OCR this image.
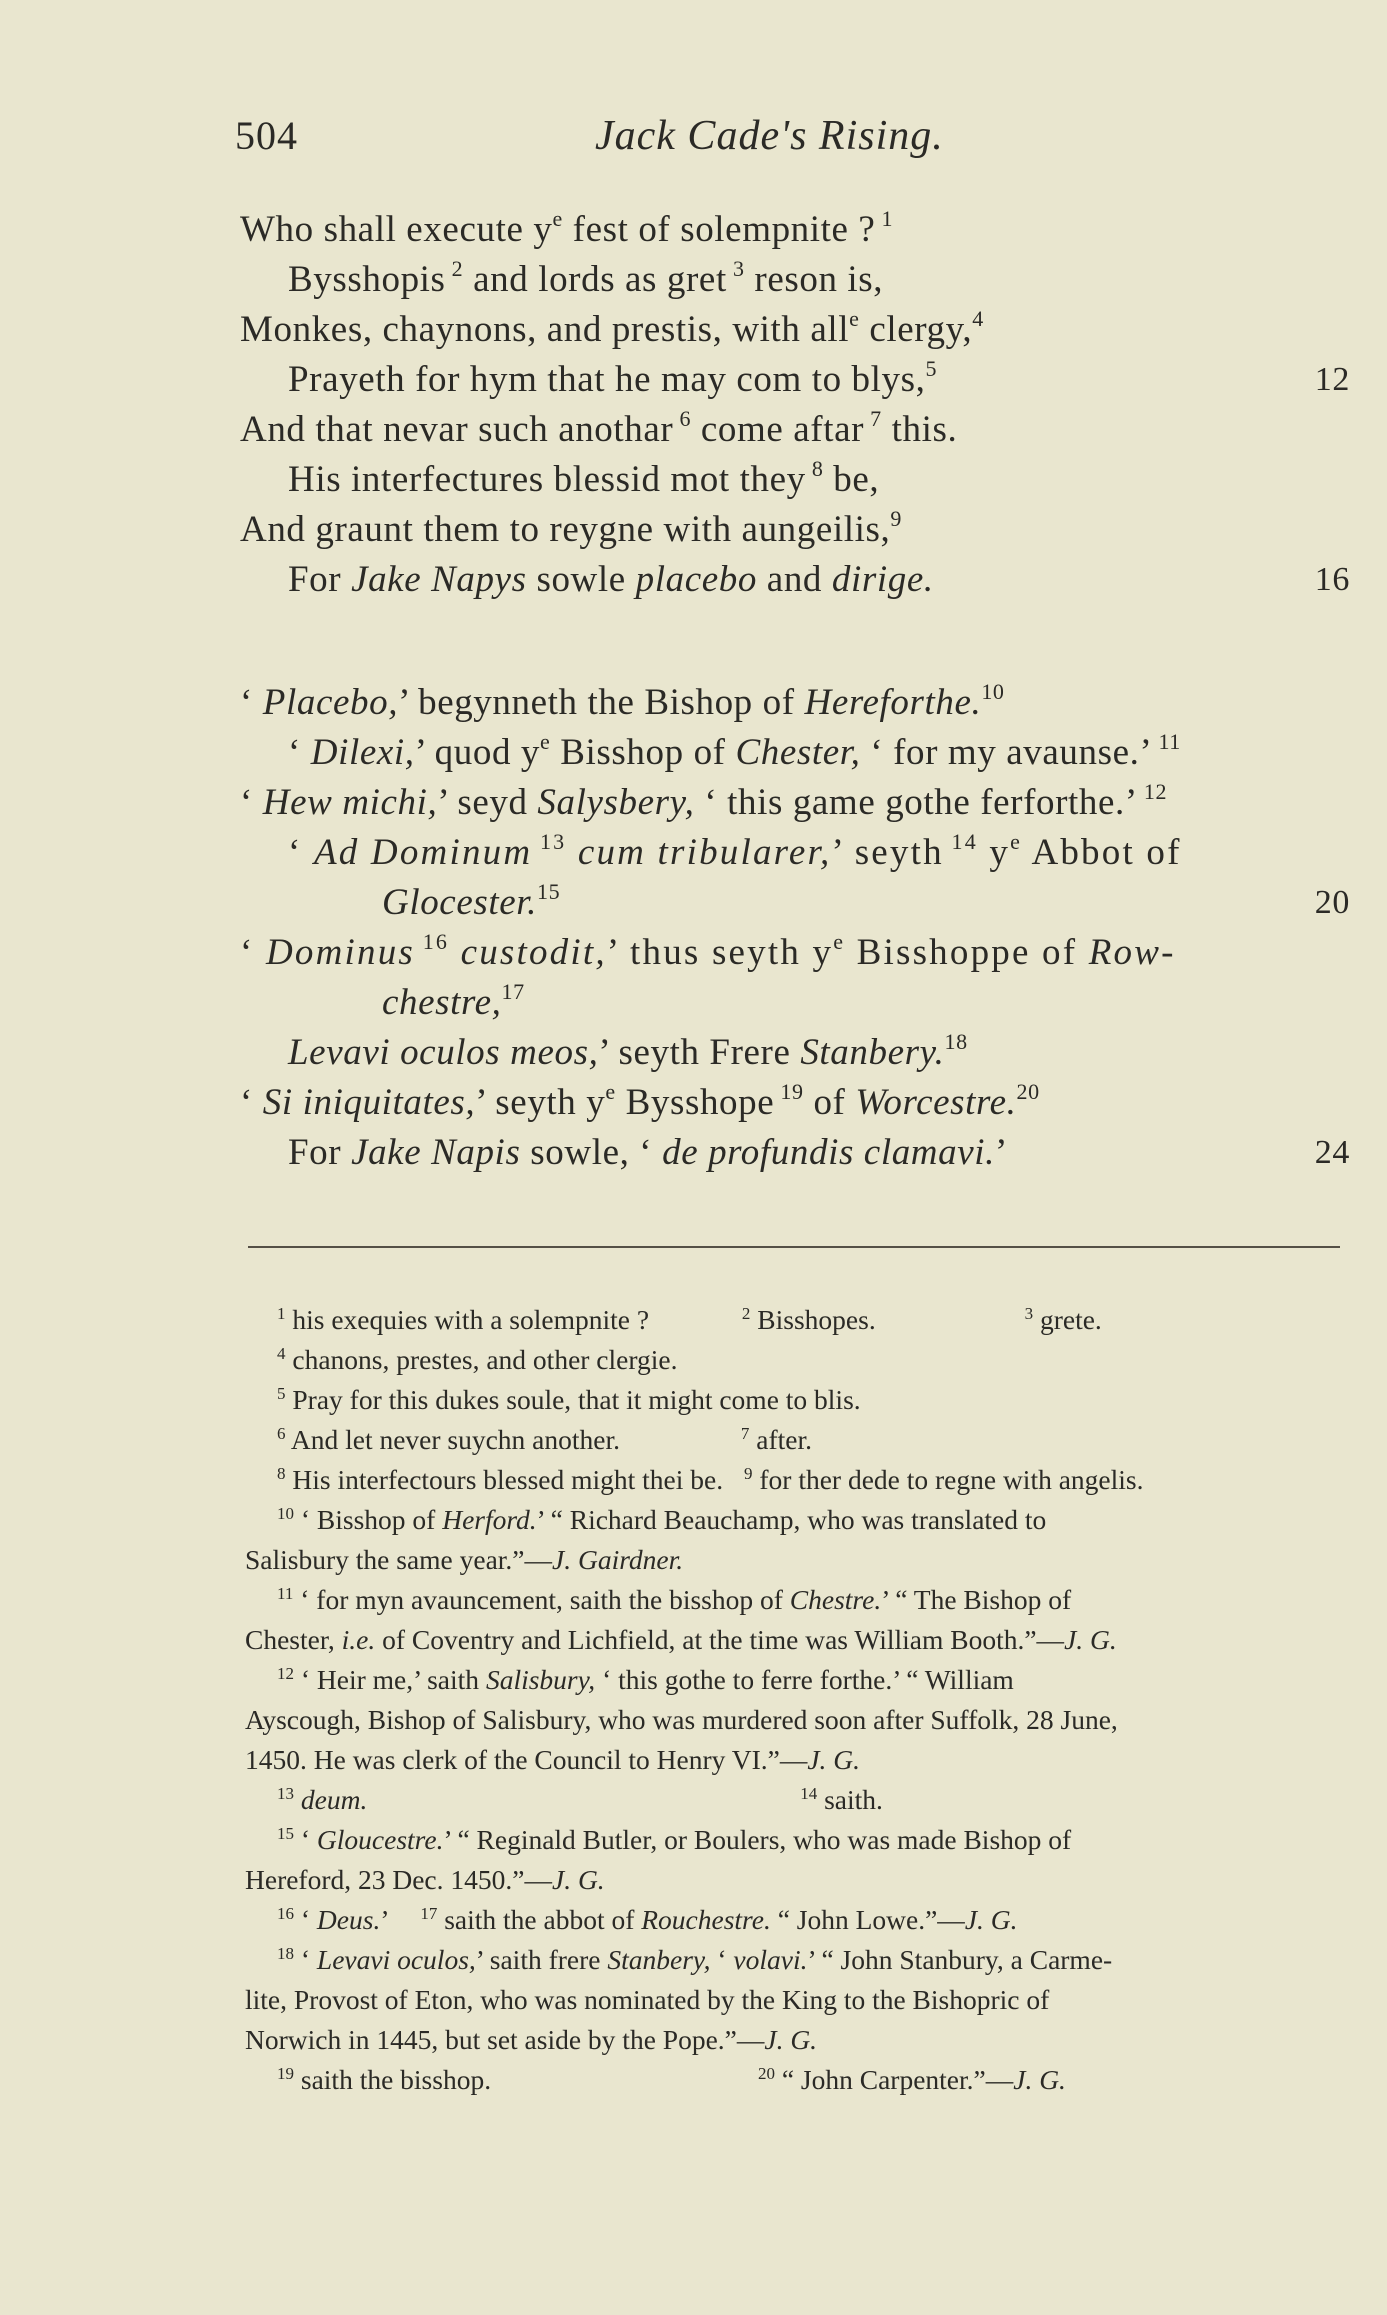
504	Jack Cade's Rising.
Who shall execute $y^e$ fest of solempnite ? $^1$
Bysshopis $^2$ and lords as gret $^3$ reson is,
Monkes, chaynons, and prestis, with all$^e$ clergy,$^4$
Prayeth for hym that he may com to blys,$^5$	12
And that nevar such anothar $^6$ come aftar $^7$ this.
His interfectures blessid mot they $^8$ be,
And graunt them to reygne with aungeilis,$^9$
For Jake Napys sowle placebo and dirige.	16
‘ Placebo,’ begynneth the Bishop of Hereforthe.$^{10}$
‘ Dilexi,’ quod $y^e$ Bisshop of Chester, ‘ for my avaunse.’ $^{11}$
‘ Hew michi,’ seyd Salysbery, ‘ this game gothe ferforthe.’ $^{12}$
‘ Ad Dominum $^{13}$ cum tribularer,’ seyth $^{14}$ $y^e$ Abbot of
Glocester.$^{15}$	20
‘ Dominus $^{16}$ custodit,’ thus seyth $y^e$ Bisshoppe of Row-
chestre,$^{17}$
Levavi oculos meos,’ seyth Frere Stanbery.$^{18}$
‘ Si iniquitates,’ seyth $y^e$ Bysshope $^{19}$ of Worcestre.$^{20}$
For Jake Napis sowle, ‘ de profundis clamavi.’	24
$^1$ his exequies with a solempnite ?	$^2$ Bisshopes.	$^3$ grete.
$^4$ chanons, prestes, and other clergie.
$^5$ Pray for this dukes soule, that it might come to blis.
$^6$ And let never suychn another.	$^7$ after.
$^8$ His interfectours blessed might thei be. $^9$ for ther dede to regne with angelis.
$^{10}$ ‘ Bisshop of Herford.’ “ Richard Beauchamp, who was translated to
Salisbury the same year.”—J. Gairdner.
$^{11}$ ‘ for myn avauncement, saith the bisshop of Chestre.’ “ The Bishop of
Chester, i.e. of Coventry and Lichfield, at the time was William Booth.”—J. G.
$^{12}$ ‘ Heir me,’ saith Salisbury, ‘ this gothe to ferre forthe.’ “ William
Ayscough, Bishop of Salisbury, who was murdered soon after Suffolk, 28 June,
1450. He was clerk of the Council to Henry VI.”—J. G.
$^{13}$ deum.	$^{14}$ saith.
$^{15}$ ‘ Gloucestre.’ “ Reginald Butler, or Boulers, who was made Bishop of
Hereford, 23 Dec. 1450.”—J. G.
$^{16}$ ‘ Deus.’ $^{17}$ saith the abbot of Rouchestre. “ John Lowe.”—J. G.
$^{18}$ ‘ Levavi oculos,’ saith frere Stanbery, ‘ volavi.’ “ John Stanbury, a Carme-
lite, Provost of Eton, who was nominated by the King to the Bishopric of
Norwich in 1445, but set aside by the Pope.”—J. G.
$^{19}$ saith the bisshop.	$^{20}$ “ John Carpenter.”—J. G.
